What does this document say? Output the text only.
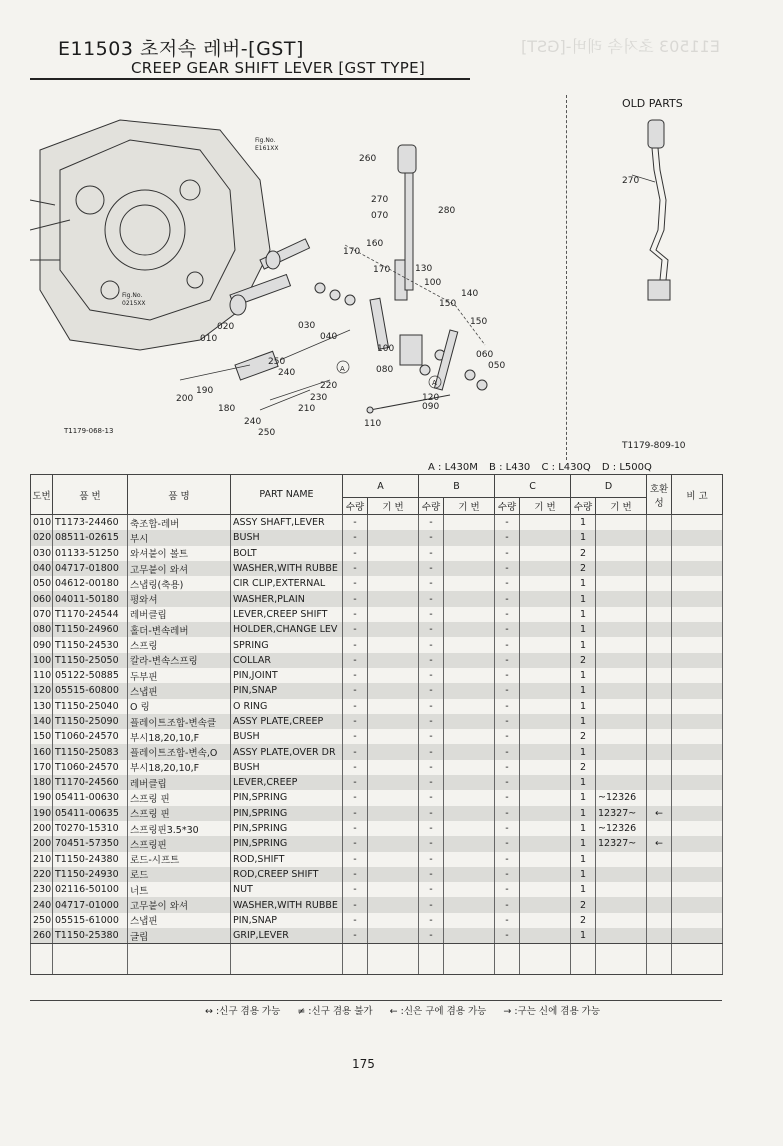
E11503 초저속 레버-[GST]
E11503 초저속 레버-[GST]
CREEP GEAR SHIFT LEVER [GST TYPE]
Fig.No.
E161XX
Fig.No.
0215XX
260
270
070	280
160
170
170	130
100
140
150
150
020	030
040
010
250
240
220
230
210
190
200
180
240
250
100
080
120
090
060
050
110
A
A
OLD PARTS
270
T1179-068-13
T1179-809-10
A : L430M B : L430 C : L430Q D : L500Q
도번	품 번	품 명	PART NAME	A		B		C		D		호환성	비 고
				수량	기 번	수량	기 번	수량	기 번	수량	기 번		
010	T1173-24460	축조합-레버	ASSY SHAFT,LEVER	-		-		-		1			
020	08511-02615	부시	BUSH	-		-		-		1			
030	01133-51250	와셔붙이 볼트	BOLT	-		-		-		2			
040	04717-01800	고무붙이 와셔	WASHER,WITH RUBBE	-		-		-		2			
050	04612-00180	스냅링(축용)	CIR CLIP,EXTERNAL	-		-		-		1			
060	04011-50180	평와셔	WASHER,PLAIN	-		-		-		1			
070	T1170-24544	레버클립	LEVER,CREEP SHIFT	-		-		-		1			
080	T1150-24960	홀더-변속레버	HOLDER,CHANGE LEV	-		-		-		1			
090	T1150-24530	스프링	SPRING	-		-		-		1			
100	T1150-25050	칼라-변속스프링	COLLAR	-		-		-		2			
110	05122-50885	두부핀	PIN,JOINT	-		-		-		1			
120	05515-60800	스냅핀	PIN,SNAP	-		-		-		1			
130	T1150-25040	O 링	O RING	-		-		-		1			
140	T1150-25090	플레이트조합-변속클	ASSY PLATE,CREEP	-		-		-		1			
150	T1060-24570	부시18,20,10,F	BUSH	-		-		-		2			
160	T1150-25083	플레이트조합-변속,O	ASSY PLATE,OVER DR	-		-		-		1			
170	T1060-24570	부시18,20,10,F	BUSH	-		-		-		2			
180	T1170-24560	레버클립	LEVER,CREEP	-		-		-		1			
190	05411-00630	스프링 핀	PIN,SPRING	-		-		-		1	~12326		
190	05411-00635	스프링 핀	PIN,SPRING	-		-		-		1	12327~	←	
200	T0270-15310	스프링핀3.5*30	PIN,SPRING	-		-		-		1	~12326		
200	70451-57350	스프링핀	PIN,SPRING	-		-		-		1	12327~	←	
210	T1150-24380	로드-시프트	ROD,SHIFT	-		-		-		1			
220	T1150-24930	로드	ROD,CREEP SHIFT	-		-		-		1			
230	02116-50100	너트	NUT	-		-		-		1			
240	04717-01000	고무붙이 와셔	WASHER,WITH RUBBE	-		-		-		2			
250	05515-61000	스냅핀	PIN,SNAP	-		-		-		2			
260	T1150-25380	글립	GRIP,LEVER	-		-		-		1			

↔ :신구 겸용 가능 ≠ :신구 겸용 불가 ← :신은 구에 겸용 가능 → :구는 신에 겸용 가능
175
